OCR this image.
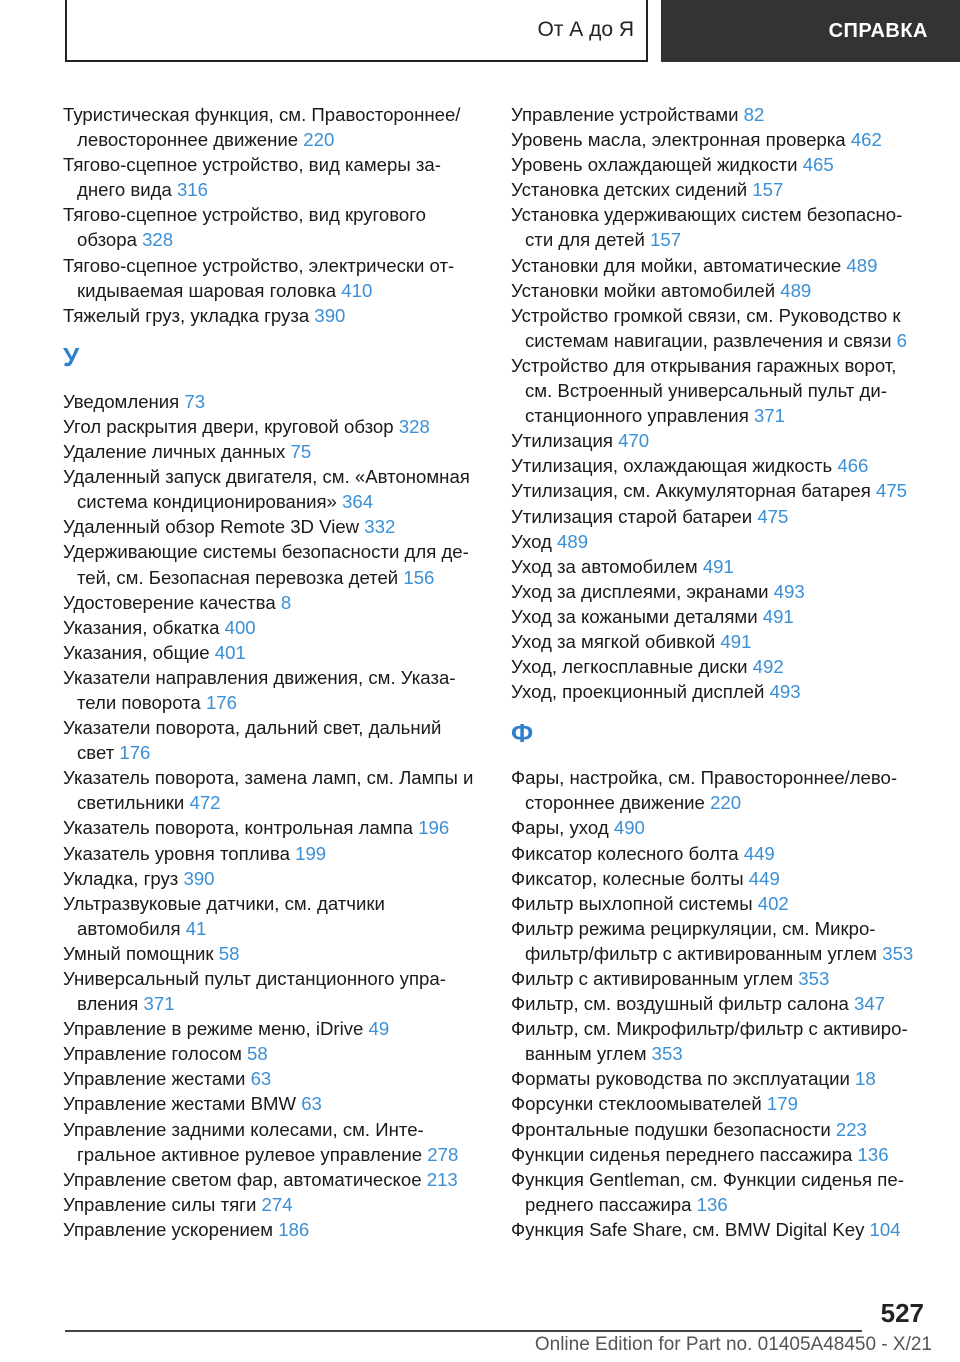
От А до Я	СПРАВКА
Туристическая функция, см. Правостороннее/
левостороннее движение 220
Тягово-сцепное устройство, вид камеры за-
днего вида 316
Тягово-сцепное устройство, вид кругового
обзора 328
Тягово-сцепное устройство, электрически от-
кидываемая шаровая головка 410
Тяжелый груз, укладка груза 390
У
Уведомления 73
Угол раскрытия двери, круговой обзор 328
Удаление личных данных 75
Удаленный запуск двигателя, см. «Автономная
система кондиционирования» 364
Удаленный обзор Remote 3D View 332
Удерживающие системы безопасности для де-
тей, см. Безопасная перевозка детей 156
Удостоверение качества 8
Указания, обкатка 400
Указания, общие 401
Указатели направления движения, см. Указа-
тели поворота 176
Указатели поворота, дальний свет, дальний
свет 176
Указатель поворота, замена ламп, см. Лампы и
светильники 472
Указатель поворота, контрольная лампа 196
Указатель уровня топлива 199
Укладка, груз 390
Ультразвуковые датчики, см. датчики
автомобиля 41
Умный помощник 58
Универсальный пульт дистанционного упра-
вления 371
Управление в режиме меню, iDrive 49
Управление голосом 58
Управление жестами 63
Управление жестами BMW 63
Управление задними колесами, см. Инте-
гральное активное рулевое управление 278
Управление светом фар, автоматическое 213
Управление силы тяги 274
Управление ускорением 186
Управление устройствами 82
Уровень масла, электронная проверка 462
Уровень охлаждающей жидкости 465
Установка детских сидений 157
Установка удерживающих систем безопасно-
сти для детей 157
Установки для мойки, автоматические 489
Установки мойки автомобилей 489
Устройство громкой связи, см. Руководство к
системам навигации, развлечения и связи 6
Устройство для открывания гаражных ворот,
см. Встроенный универсальный пульт ди-
станционного управления 371
Утилизация 470
Утилизация, охлаждающая жидкость 466
Утилизация, см. Аккумуляторная батарея 475
Утилизация старой батареи 475
Уход 489
Уход за автомобилем 491
Уход за дисплеями, экранами 493
Уход за кожаными деталями 491
Уход за мягкой обивкой 491
Уход, легкосплавные диски 492
Уход, проекционный дисплей 493
Ф
Фары, настройка, см. Правостороннее/лево-
стороннее движение 220
Фары, уход 490
Фиксатор колесного болта 449
Фиксатор, колесные болты 449
Фильтр выхлопной системы 402
Фильтр режима рециркуляции, см. Микро-
фильтр/фильтр с активированным углем 353
Фильтр с активированным углем 353
Фильтр, см. воздушный фильтр салона 347
Фильтр, см. Микрофильтр/фильтр с активиро-
ванным углем 353
Форматы руководства по эксплуатации 18
Форсунки стеклоомывателей 179
Фронтальные подушки безопасности 223
Функции сиденья переднего пассажира 136
Функция Gentleman, см. Функции сиденья пе-
реднего пассажира 136
Функция Safe Share, см. BMW Digital Key 104
527
Online Edition for Part no. 01405A48450 - X/21
